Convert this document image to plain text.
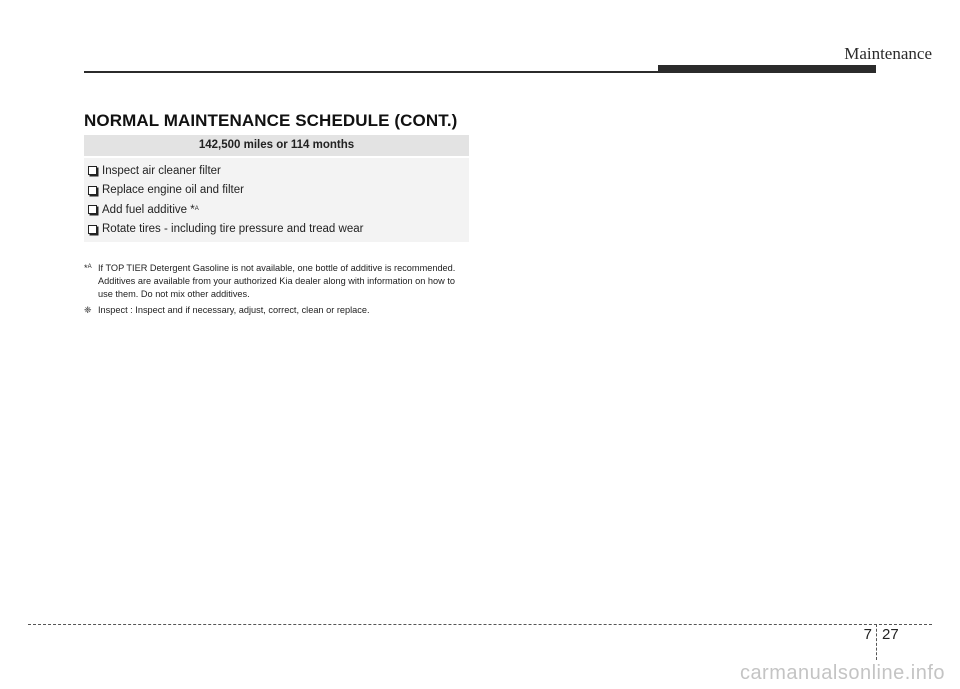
Maintenance
NORMAL MAINTENANCE SCHEDULE (CONT.)
142,500 miles or 114 months
Inspect air cleaner filter
Replace engine oil and filter
Add fuel additive *$^A$
Rotate tires - including tire pressure and tread wear
*$^A$ If TOP TIER Detergent Gasoline is not available, one bottle of additive is recommended. Additives are available from your authorized Kia dealer along with information on how to use them. Do not mix other additives.
❈ Inspect : Inspect and if necessary, adjust, correct, clean or replace.
7 27
carmanualsonline.info
